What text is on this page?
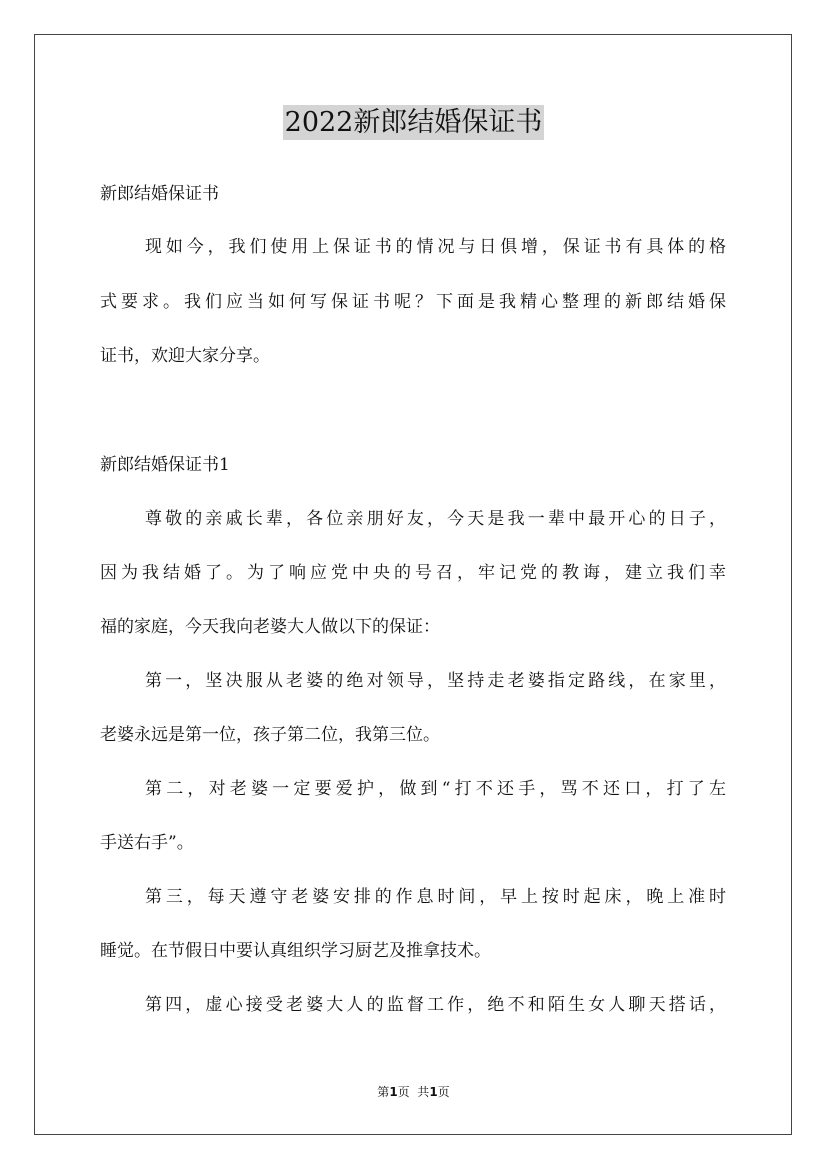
2022新郎结婚保证书
新郎结婚保证书
现如今，我们使用上保证书的情况与日俱增，保证书有具体的格
式要求。我们应当如何写保证书呢？下面是我精心整理的新郎结婚保
证书，欢迎大家分享。
新郎结婚保证书1
尊敬的亲戚长辈，各位亲朋好友，今天是我一辈中最开心的日子，
因为我结婚了。为了响应党中央的号召，牢记党的教诲，建立我们幸
福的家庭，今天我向老婆大人做以下的保证：
第一，坚决服从老婆的绝对领导，坚持走老婆指定路线，在家里，
老婆永远是第一位，孩子第二位，我第三位。
第二，对老婆一定要爱护，做到“打不还手，骂不还口，打了左
手送右手”。
第三，每天遵守老婆安排的作息时间，早上按时起床，晚上准时
睡觉。在节假日中要认真组织学习厨艺及推拿技术。
第四，虚心接受老婆大人的监督工作，绝不和陌生女人聊天搭话，
第1页  共1页
